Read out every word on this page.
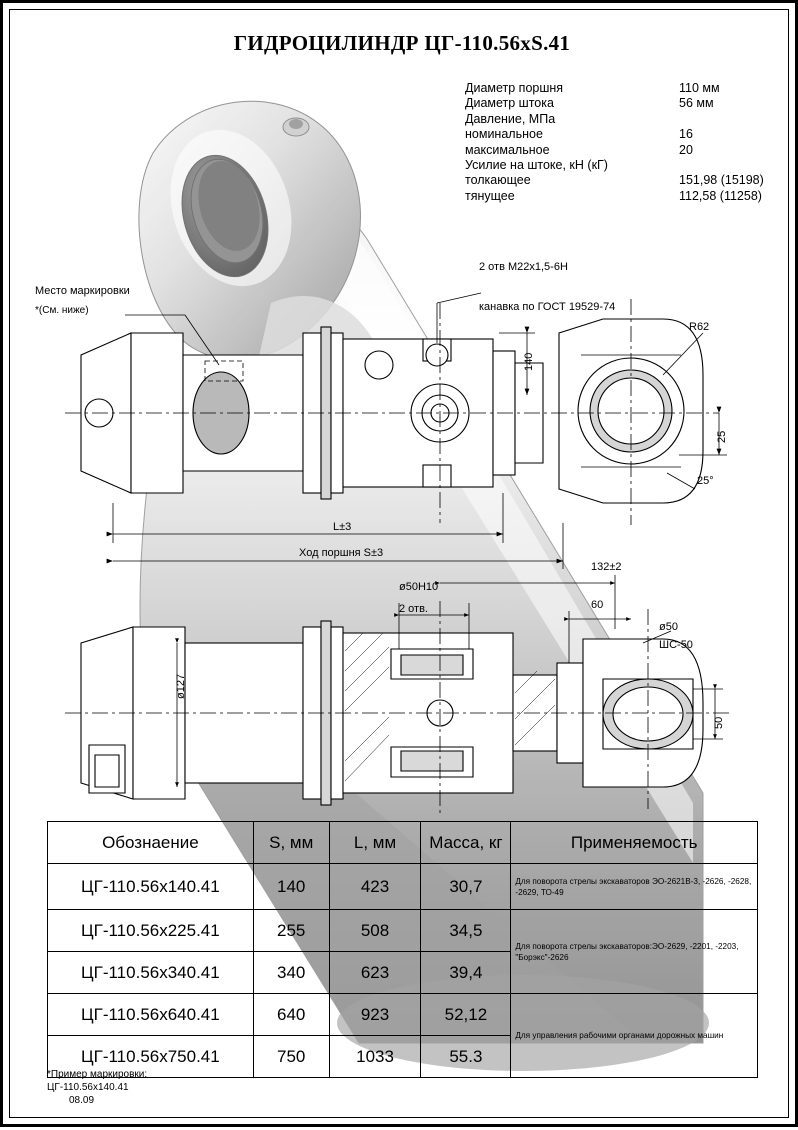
ГИДРОЦИЛИНДР ЦГ-110.56xS.41
Диаметр поршня	110 мм
Диаметр штока	56 мм
Давление, МПа
номинальное	16
максимальное	20
Усилие на штоке, кН (кГ)
толкающее	151,98 (15198)
тянущее	112,58 (11258)
Место маркировки
*(См. ниже)
2 отв M22x1,5-6H
канавка по ГОСТ 19529-74
140
R62
25
25°
L±3
Ход поршня S±3
ø50Н10
2 отв.
132±2
60
ø50
ШС-50
50
ø127
Обознаение	S, мм	L, мм	Масса, кг	Применяемость
ЦГ-110.56х140.41	140	423	30,7	Для поворота стрелы экскаваторов ЭО-2621В-3, -2626, -2628, -2629, ТО-49
ЦГ-110.56х225.41	255	508	34,5	Для поворота стрелы экскаваторов:ЭО-2629, -2201, -2203, "Борэкс"-2626
ЦГ-110.56х340.41	340	623	39,4	
ЦГ-110.56х640.41	640	923	52,12	Для управления рабочими органами дорожных машин
ЦГ-110.56х750.41	750	1033	55.3	
*Пример маркировки:
ЦГ-110.56х140.41
08.09
